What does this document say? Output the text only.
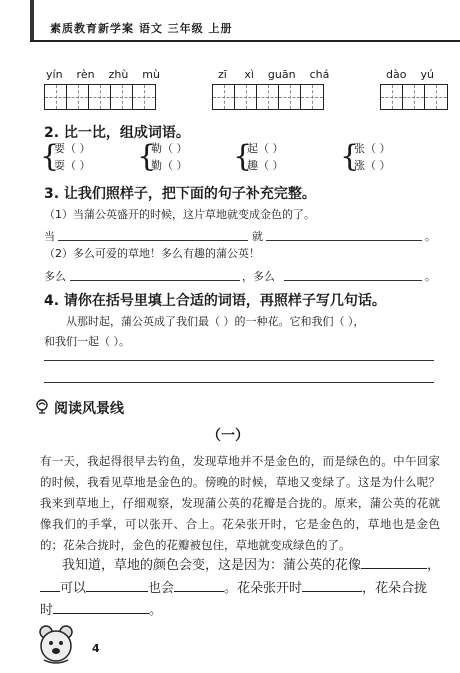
素质教育新学案 语文 三年级 上册
yín rèn zhù mù	zī xì guān chá	dào yú
2. 比一比，组成词语。
{
要（ ）
耍（ ） {
勒（ ）
勤（ ） {
起（ ）
趣（ ） {
张（ ）
涨（ ）
3. 让我们照样子，把下面的句子补充完整。
（1）当蒲公英盛开的时候，这片草地就变成金色的了。
当	就	。
（2）多么可爱的草地！多么有趣的蒲公英！
多么	，多么	。
4. 请你在括号里填上合适的词语，再照样子写几句话。
从那时起，蒲公英成了我们最（ ）的一种花。它和我们（ ），
和我们一起（ ）。
阅读风景线
（一）
有一天，我起得很早去钓鱼，发现草地并不是金色的，而是绿色的。中午回家的时候，我看见草地是金色的。傍晚的时候，草地又变绿了。这是为什么呢？我来到草地上，仔细观察，发现蒲公英的花瓣是合拢的。原来，蒲公英的花就像我们的手掌，可以张开、合上。花朵张开时，它是金色的，草地也是金色的；花朵合拢时，金色的花瓣被包住，草地就变成绿色的了。
我知道，草地的颜色会变，这是因为：蒲公英的花像	，
可以	也会	。花朵张开时	，花朵合拢
时	。
4
